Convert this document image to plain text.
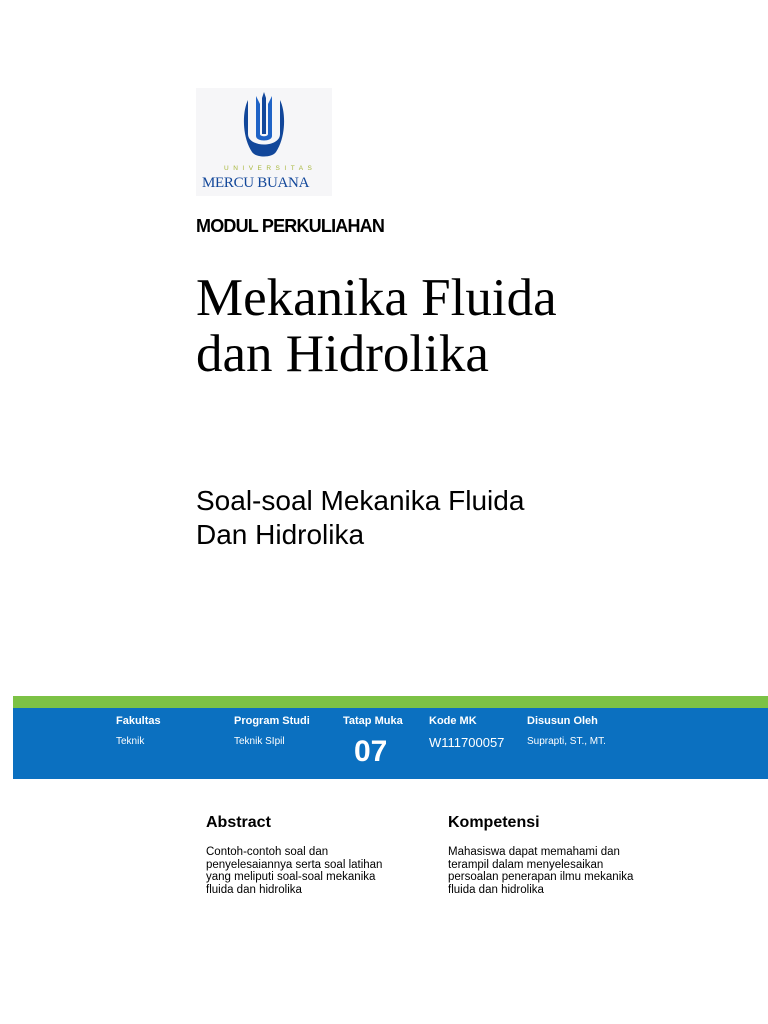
UNIVERSITAS
MERCU BUANA
MODUL PERKULIAHAN
Mekanika Fluida
dan Hidrolika
Soal-soal Mekanika Fluida
Dan Hidrolika
Fakultas
Teknik
Program Studi
Teknik SIpil
Tatap Muka
07
Kode MK
W111700057
Disusun Oleh
Suprapti, ST., MT.
Abstract
Contoh-contoh soal dan
penyelesaiannya serta soal latihan
yang meliputi soal-soal mekanika
fluida dan hidrolika
Kompetensi
Mahasiswa dapat memahami dan
terampil dalam menyelesaikan
persoalan penerapan ilmu mekanika
fluida dan hidrolika
